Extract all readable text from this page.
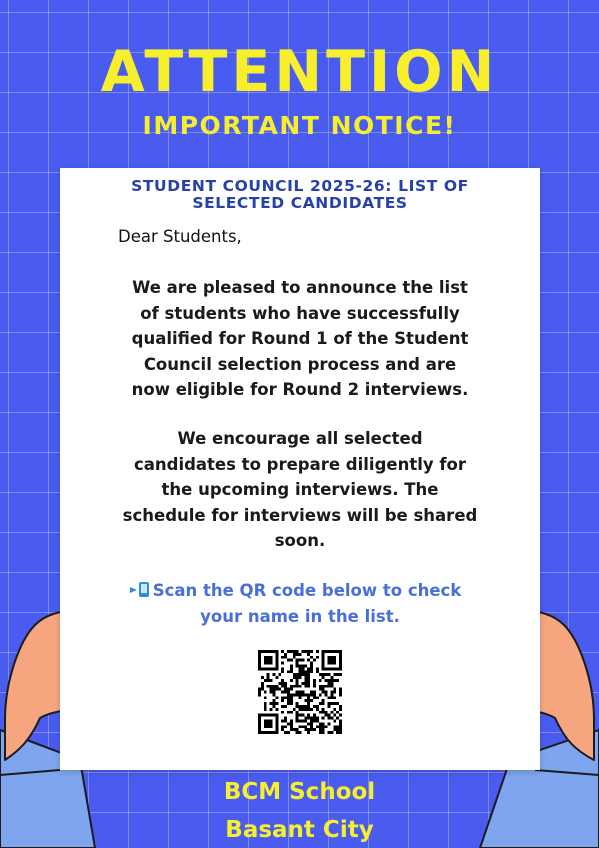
ATTENTION
IMPORTANT NOTICE!
STUDENT COUNCIL 2025-26: LIST OF
SELECTED CANDIDATES
Dear Students,
We are pleased to announce the list
of students who have successfully
qualified for Round 1 of the Student
Council selection process and are
now eligible for Round 2 interviews.
We encourage all selected
candidates to prepare diligently for
the upcoming interviews. The
schedule for interviews will be shared
soon.
Scan the QR code below to check
your name in the list.
BCM School
Basant City
